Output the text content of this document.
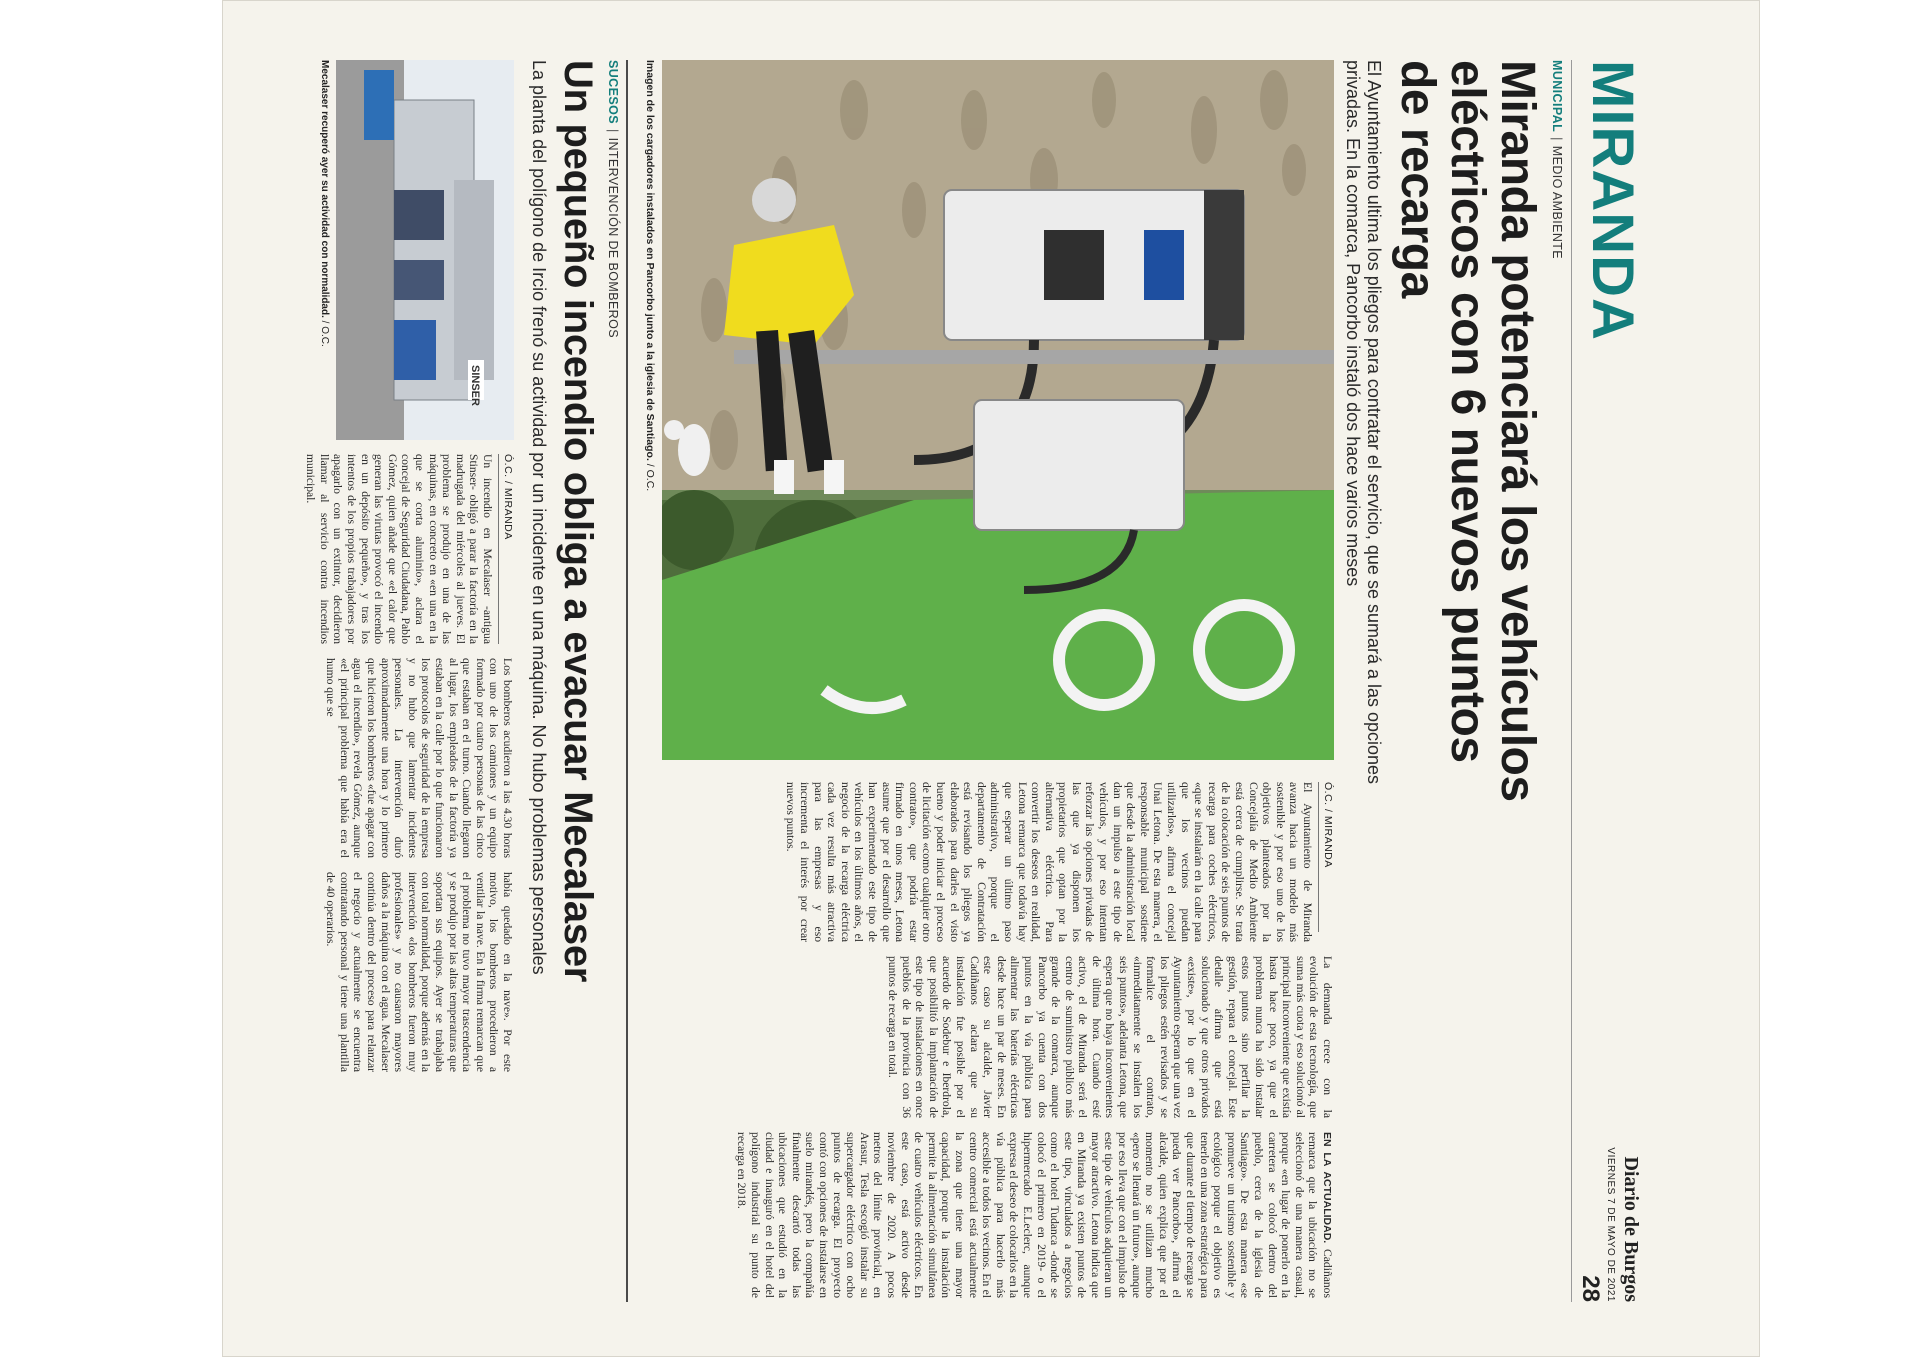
MIRANDA
Diario de Burgos
VIERNES 7 DE MAYO DE 2021
28
MUNICIPAL|MEDIO AMBIENTE
Miranda potenciará los vehículos eléctricos con 6 nuevos puntos de recarga
El Ayuntamiento ultima los pliegos para contratar el servicio, que se sumará a las opciones privadas. En la comarca, Pancorbo instaló dos hace varios meses
Imagen de los cargadores instalados en Pancorbo junto a la iglesia de Santiago. / O.C.
Ó.C. / MIRANDA
El Ayuntamiento de Miranda avanza hacia un modelo más sostenible y por eso uno de los objetivos planteados por la Concejalía de Medio Ambiente está cerca de cumplirse. Se trata de la colocación de seis puntos de recarga para coches eléctricos, «que se instalarán en la calle para que los vecinos puedan utilizarlos», afirma el concejal Unai Letona. De esta manera, el responsable municipal sostiene que desde la administración local dan un impulso a este tipo de vehículos, y por eso intentan reforzar las opciones privadas de las que ya disponen los propietarios que optan por la alternativa eléctrica. Para convertir los deseos en realidad, Letona remarca que todavía hay que esperar un último paso administrativo, porque el departamento de Contratación está revisando los pliegos ya elaborados para darles el visto bueno y poder iniciar el proceso de licitación «como cualquier otro contrato», que podría estar firmado en unos meses, Letona asume que por el desarrollo que han experimentado este tipo de vehículos en los últimos años, el negocio de la recarga eléctrica cada vez resulta más atractiva para las empresas y eso incrementa el interés por crear nuevos puntos.
La demanda crece con la evolución de esta tecnología, que suma más cuota y eso solucionó al principal inconveniente que existía hasta hace poco, ya que el problema nunca ha sido instalar estos puntos sino perfilar la gestión, repara el concejal. Este detalle afirma que está solucionado y que otros privados «existe», por lo que en el Ayuntamiento esperan que una vez los pliegos estén revisados y se formalice el contrato, «inmediatamente se instalen los seis puntos», adelanta Letona, que espera que no haya inconvenientes de última hora. Cuando esté activo, el de Miranda será el centro de suministro público más grande de la comarca, aunque Pancorbo ya cuenta con dos puntos en la vía pública para alimentar las baterías eléctricas desde hace un par de meses. En este caso su alcalde, Javier Cadiñanos aclara que su instalación fue posible por el acuerdo de Sodebur e Iberdrola, que posibilitó la implantación de este tipo de instalaciones en once pueblos de la provincia con 36 puntos de recarga en total.
EN LA ACTUALIDAD. Cadiñanos remarca que la ubicación no se seleccionó de una manera casual, porque «en lugar de ponerlo en la carretera se colocó dentro del pueblo, cerca de la iglesia de Santiago». De esta manera «se promueve un turismo sostenible y ecológico porque el objetivo es tenerlo en una zona estratégica para que durante el tiempo de recarga se pueda ver Pancorbo», afirma el alcalde, quien explica que por el momento no se utilizan mucho «pero se llenará un futuro», aunque por eso lleva que con el impulso de este tipo de vehículos adquieran un mayor atractivo. Letona indica que en Miranda ya existen puntos de este tipo, vinculados a negocios como el hotel Tudanca -donde se colocó el primero en 2019- o el hipermercado E.Leclerc, aunque expresa el deseo de colocarlos en la vía pública para hacerlo más accesible a todos los vecinos. En el centro comercial está actualmente la zona que tiene una mayor capacidad, porque la instalación permite la alimentación simultánea de cuatro vehículos eléctricos. En este caso, está activo desde noviembre de 2020. A pocos metros del límite provincial, en Arasur, Tesla escogió instalar su supercargador eléctrico con ocho puntos de recarga. El proyecto contó con opciones de instalarse en suelo mirandés, pero la compañía finalmente descartó todas las ubicaciones que estudió en la ciudad e inauguró en el hotel del polígono industrial su punto de recarga en 2018.
SUCESOS|INTERVENCIÓN DE BOMBEROS
Un pequeño incendio obliga a evacuar Mecalaser
La planta del polígono de Ircio frenó su actividad por un incidente en una máquina. No hubo problemas personales
SINSER
Mecalaser recuperó ayer su actividad con normalidad. / O.C.
Ó.C. / MIRANDA
Un incendio en Mecalaser -antigua Stinser- obligó a parar la factoría en la madrugada del miércoles al jueves. El problema se produjo en una de las máquinas, en concreto en «en una en la que se corta aluminio», aclara el concejal de Seguridad Ciudadana, Pablo Gómez, quien añade que «el calor que generan las virutas provocó el incendio en un depósito pequeño», y tras los intentos de los propios trabajadores por apagarlo con un extintor, decidieron llamar al servicio contra incendios municipal.
Los bomberos acudieron a las 4.30 horas con uno de los camiones y un equipo formado por cuatro personas de las cinco que estaban en el turno. Cuando llegaron al lugar, los empleados de la factoría ya estaban en la calle por lo que funcionaron los protocolos de seguridad de la empresa y no hubo que lamentar incidentes personales. La intervención duró aproximadamente una hora y lo primero que hicieron los bomberos «fue apagar con agua el incendio», revela Gómez, aunque «el principal problema que había era el humo que se
había quedado en la nave». Por este motivo, los bomberos procedieron a ventilar la nave. En la firma remarcan que el problema no tuvo mayor trascendencia y se produjo por las altas temperaturas que soportan sus equipos. Ayer se trabajaba con total normalidad, porque además en la intervención «los bomberos fueron muy profesionales» y no causaron mayores daños a la máquina con el agua. Mecalaser continúa dentro del proceso para relanzar el negocio y actualmente se encuentra contratando personal y tiene una plantilla de 40 operarios.
